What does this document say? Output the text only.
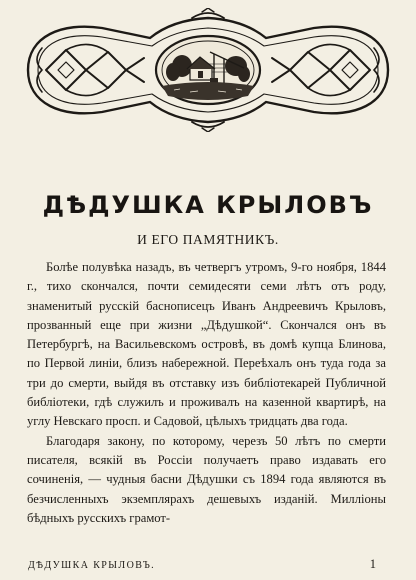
ДѢДУШКА КРЫЛОВЪ
И ЕГО ПАМЯТНИКЪ.

Болѣе полувѣка назадъ, въ четвергъ утромъ, 9-го ноября, 1844 г., тихо скончался, почти семидесяти семи лѣтъ отъ роду, знаменитый русскій баснописецъ Иванъ Андреевичъ Крыловъ, прозванный еще при жизни „Дѣдушкой“. Скончался онъ въ Петербургѣ, на Васильевскомъ островѣ, въ домѣ купца Блинова, по Первой линіи, близъ набережной. Переѣхалъ онъ туда года за три до смерти, выйдя въ отставку изъ библіотекарей Публичной библіотеки, гдѣ служилъ и проживалъ на казенной квартирѣ, на углу Невскаго просп. и Садовой, цѣлыхъ тридцать два года.

Благодаря закону, по которому, черезъ 50 лѣтъ по смерти писателя, всякій въ Россіи получаетъ право издавать его сочиненія, — чудныя басни Дѣдушки съ 1894 года являются въ безчисленныхъ экземплярахъ дешевыхъ изданій. Милліоны бѣдныхъ русскихъ грамот-

ДѢДУШКА КРЫЛОВЪ.	1
